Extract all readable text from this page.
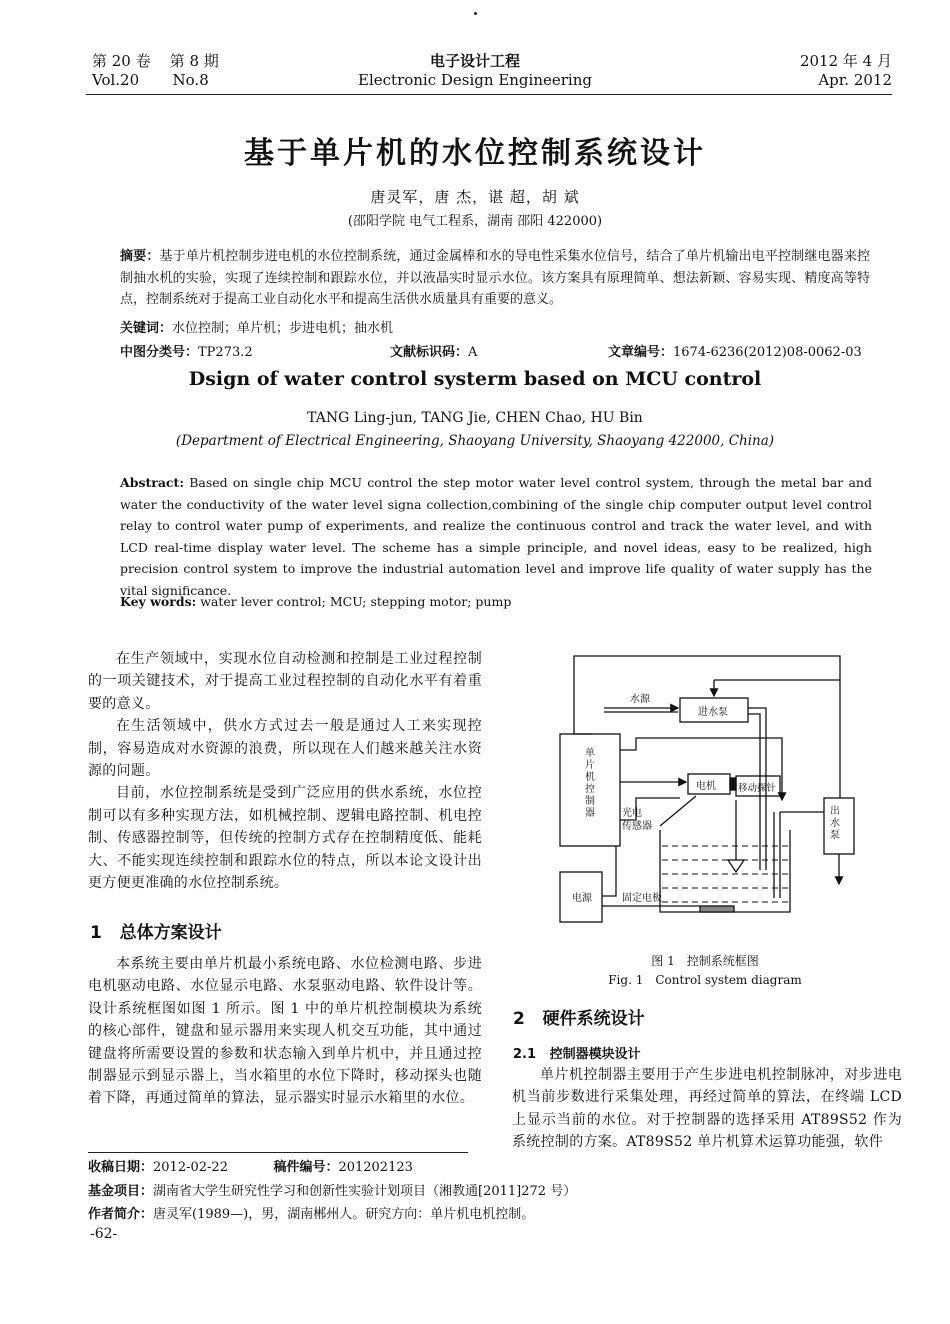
第 20 卷 第 8 期
Vol.20 No.8
电子设计工程
Electronic Design Engineering
2012 年 4 月
Apr. 2012
基于单片机的水位控制系统设计
唐灵军，唐 杰，谌 超，胡 斌
(邵阳学院 电气工程系，湖南 邵阳 422000)
摘要：基于单片机控制步进电机的水位控制系统，通过金属棒和水的导电性采集水位信号，结合了单片机输出电平控制继电器来控制抽水机的实验，实现了连续控制和跟踪水位，并以液晶实时显示水位。该方案具有原理简单、想法新颖、容易实现、精度高等特点，控制系统对于提高工业自动化水平和提高生活供水质量具有重要的意义。
关键词：水位控制；单片机；步进电机；抽水机
中图分类号：TP273.2	文献标识码：A	文章编号：1674-6236(2012)08-0062-03
Dsign of water control systerm based on MCU control
TANG Ling-jun, TANG Jie, CHEN Chao, HU Bin
(Department of Electrical Engineering, Shaoyang University, Shaoyang 422000, China)
Abstract: Based on single chip MCU control the step motor water level control system, through the metal bar and water the conductivity of the water level signa collection,combining of the single chip computer output level control relay to control water pump of experiments, and realize the continuous control and track the water level, and with LCD real-time display water level. The scheme has a simple principle, and novel ideas, easy to be realized, high precision control system to improve the industrial automation level and improve life quality of water supply has the vital significance.
Key words: water lever control; MCU; stepping motor; pump
在生产领域中，实现水位自动检测和控制是工业过程控制的一项关键技术，对于提高工业过程控制的自动化水平有着重要的意义。
在生活领域中，供水方式过去一般是通过人工来实现控制，容易造成对水资源的浪费，所以现在人们越来越关注水资源的问题。
目前，水位控制系统是受到广泛应用的供水系统，水位控制可以有多种实现方法，如机械控制、逻辑电路控制、机电控制、传感器控制等，但传统的控制方式存在控制精度低、能耗大、不能实现连续控制和跟踪水位的特点，所以本论文设计出更方便更准确的水位控制系统。
1 总体方案设计
本系统主要由单片机最小系统电路、水位检测电路、步进电机驱动电路、水位显示电路、水泵驱动电路、软件设计等。设计系统框图如图 1 所示。图 1 中的单片机控制模块为系统的核心部件，键盘和显示器用来实现人机交互功能，其中通过键盘将所需要设置的参数和状态输入到单片机中，并且通过控制器显示到显示器上，当水箱里的水位下降时，移动探头也随着下降，再通过简单的算法，显示器实时显示水箱里的水位。
水源
进水泵
电机 移动探针
光电
传感器
电源	固定电极
单片机控制器	出水泵
图 1　控制系统框图
Fig. 1　Control system diagram
2 硬件系统设计
2.1 控制器模块设计
单片机控制器主要用于产生步进电机控制脉冲，对步进电机当前步数进行采集处理，再经过简单的算法，在终端 LCD 上显示当前的水位。对于控制器的选择采用 AT89S52 作为系统控制的方案。AT89S52 单片机算术运算功能强，软件
收稿日期：2012-02-22	稿件编号：201202123
基金项目：湖南省大学生研究性学习和创新性实验计划项目（湘教通[2011]272 号）
作者简介：唐灵军(1989—)，男，湖南郴州人。研究方向：单片机电机控制。
-62-
